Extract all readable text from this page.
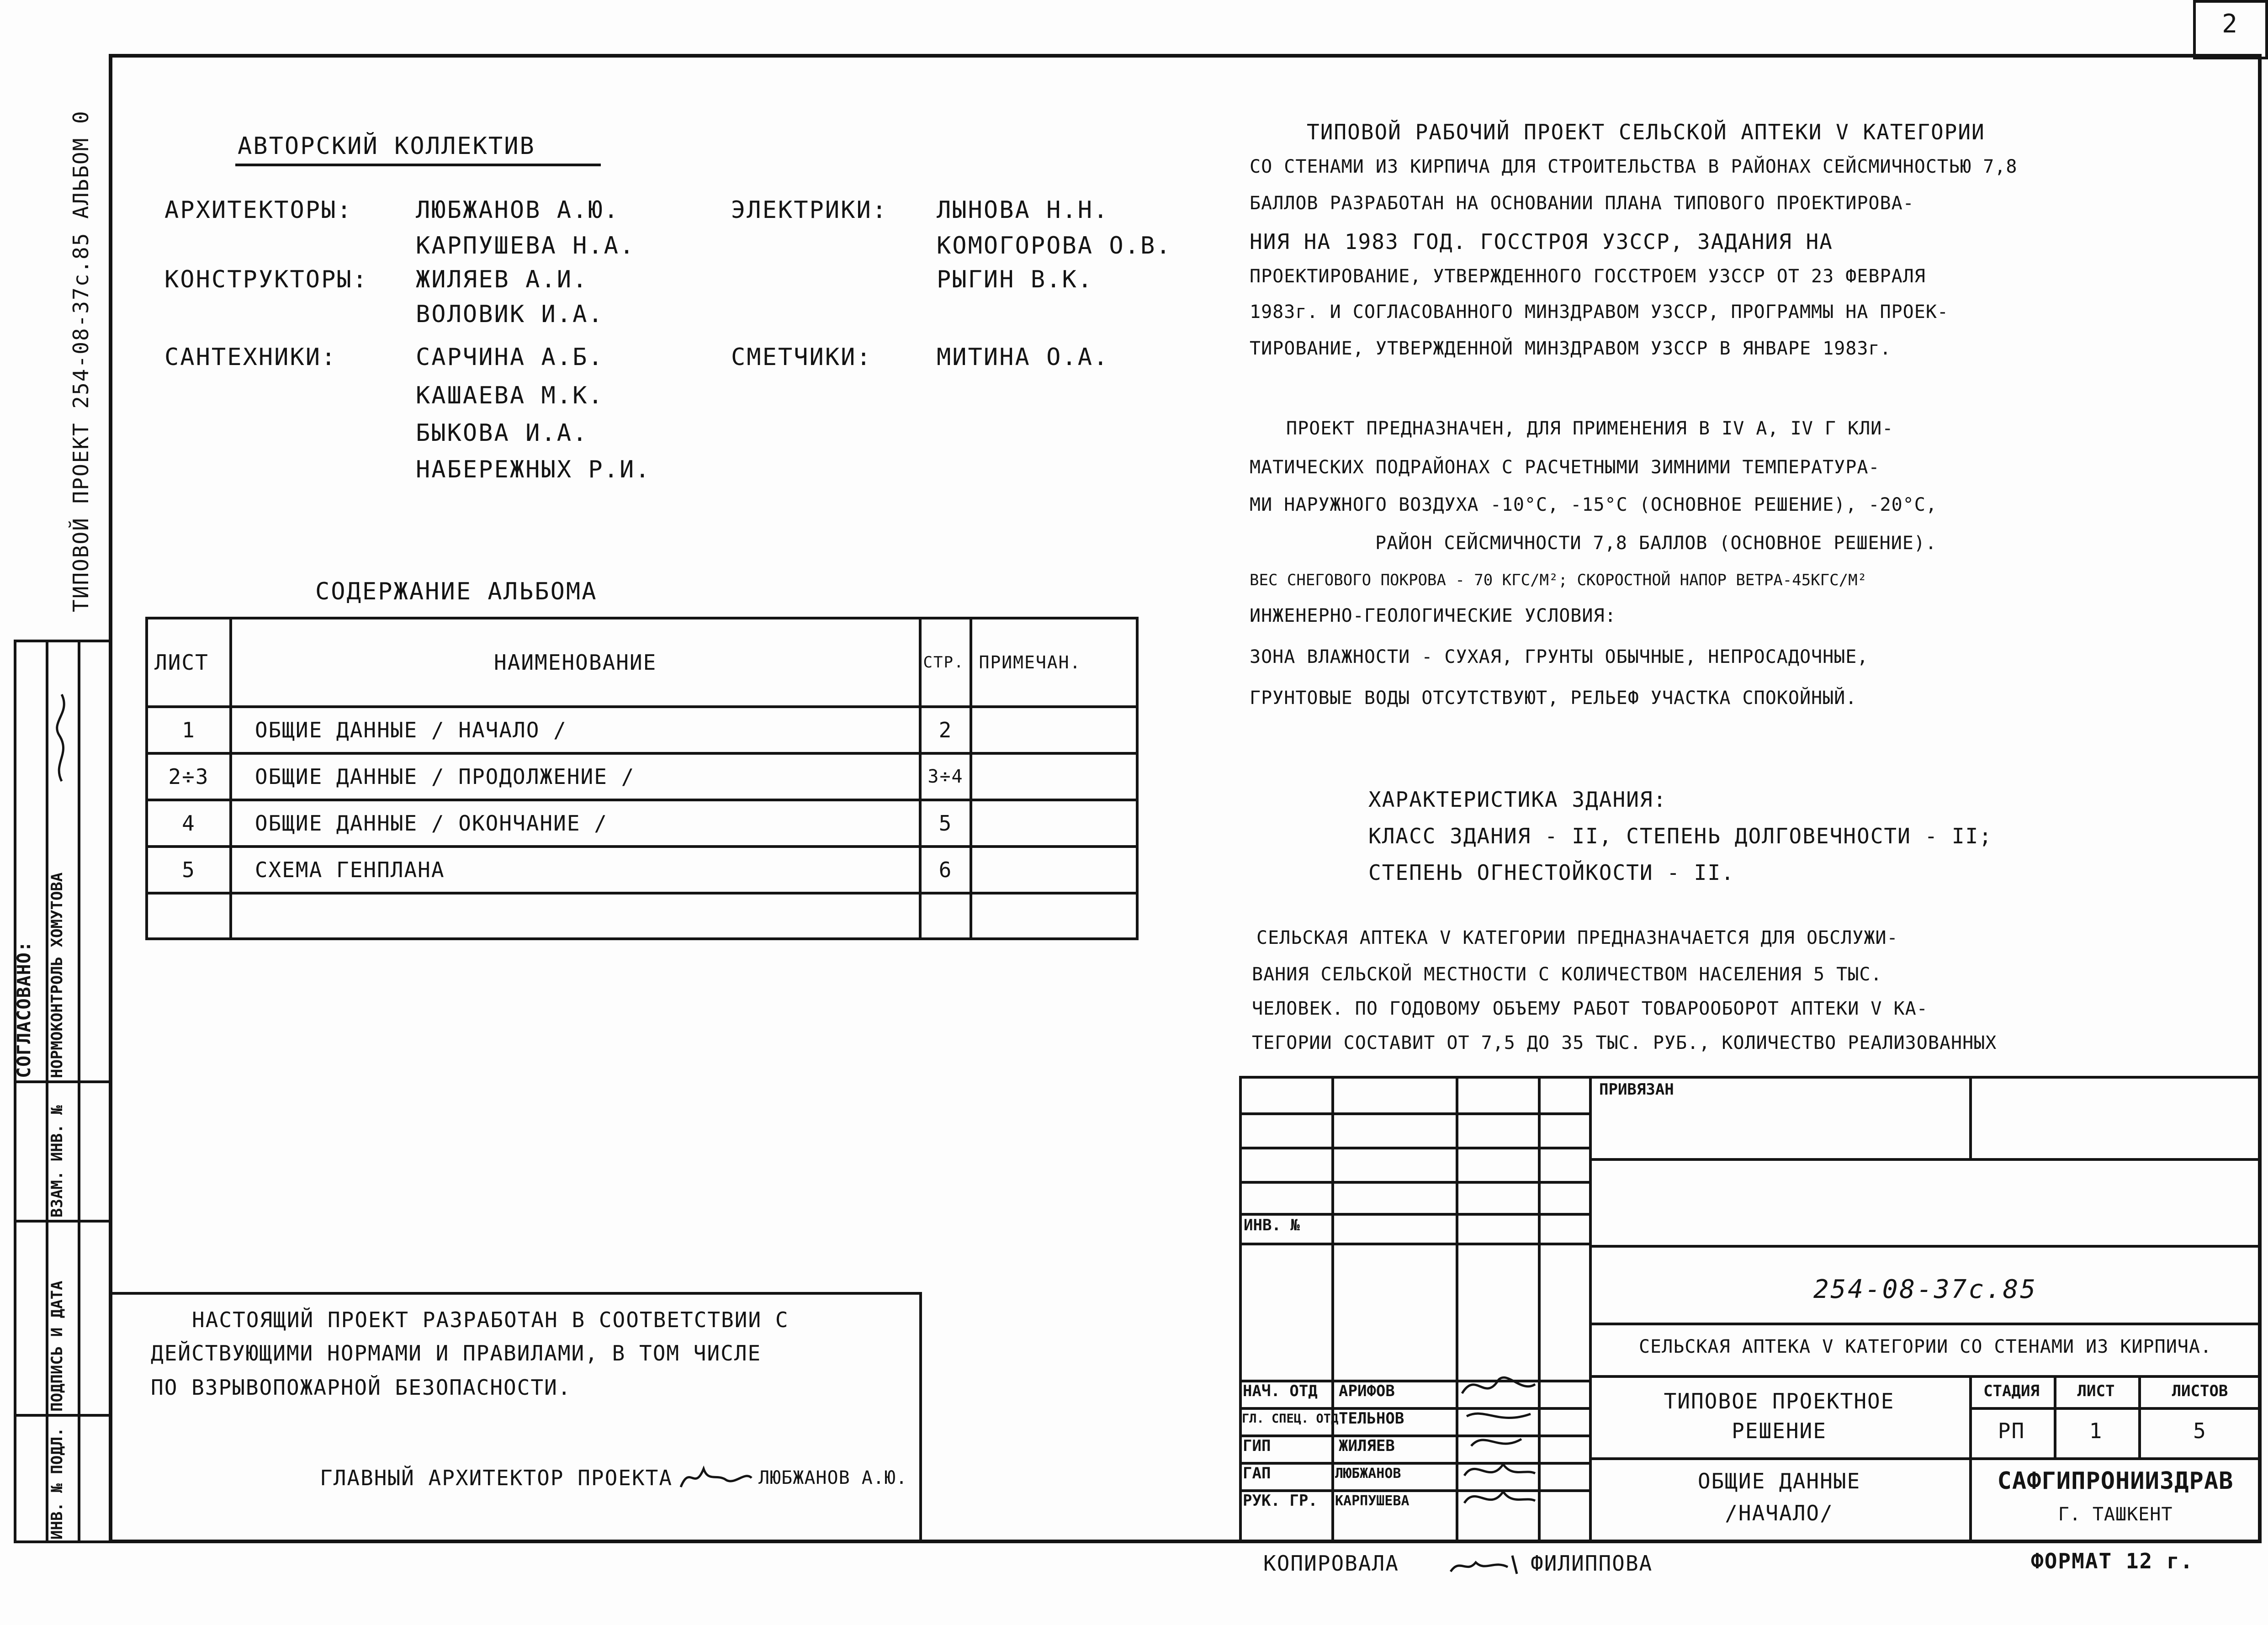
2
ТИПОВОЙ ПРОЕКТ 254-08-37с.85 АЛЬБОМ 0
СОГЛАСОВАНО: НОРМОКОНТРОЛЬ ХОМУТОВА
ВЗАМ. ИНВ. №
ПОДПИСЬ И ДАТА
ИНВ. № ПОДЛ.
АВТОРСКИЙ КОЛЛЕКТИВ
АРХИТЕКТОРЫ:	ЛЮБЖАНОВ А.Ю.
КАРПУШЕВА Н.А.
КОНСТРУКТОРЫ: ЖИЛЯЕВ А.И.
ВОЛОВИК И.А.
САНТЕХНИКИ:	САРЧИНА А.Б.
КАШАЕВА М.К.
БЫКОВА И.А.
НАБЕРЕЖНЫХ Р.И.
ЭЛЕКТРИКИ: ЛЫНОВА Н.Н.
КОМОГОРОВА О.В.
РЫГИН В.К.
СМЕТЧИКИ:	МИТИНА О.А.
СОДЕРЖАНИЕ АЛЬБОМА
ЛИСТ	НАИМЕНОВАНИЕ	СТР.	ПРИМЕЧАН.
1	ОБЩИЕ ДАННЫЕ / НАЧАЛО /	2	
2÷3	ОБЩИЕ ДАННЫЕ / ПРОДОЛЖЕНИЕ /	3÷4	
4	ОБЩИЕ ДАННЫЕ / ОКОНЧАНИЕ /	5	
5	СХЕМА ГЕНПЛАНА	6	

ТИПОВОЙ РАБОЧИЙ ПРОЕКТ СЕЛЬСКОЙ АПТЕКИ V КАТЕГОРИИ
СО СТЕНАМИ ИЗ КИРПИЧА ДЛЯ СТРОИТЕЛЬСТВА В РАЙОНАХ СЕЙСМИЧНОСТЬЮ 7,8
БАЛЛОВ РАЗРАБОТАН НА ОСНОВАНИИ ПЛАНА ТИПОВОГО ПРОЕКТИРОВА-
НИЯ НА 1983 ГОД. ГОССТРОЯ УЗССР, ЗАДАНИЯ НА
ПРОЕКТИРОВАНИЕ, УТВЕРЖДЕННОГО ГОССТРОЕМ УЗССР ОТ 23 ФЕВРАЛЯ
1983г. И СОГЛАСОВАННОГО МИНЗДРАВОМ УЗССР, ПРОГРАММЫ НА ПРОЕК-
ТИРОВАНИЕ, УТВЕРЖДЕННОЙ МИНЗДРАВОМ УЗССР В ЯНВАРЕ 1983г.
ПРОЕКТ ПРЕДНАЗНАЧЕН, ДЛЯ ПРИМЕНЕНИЯ В IV А, IV Г КЛИ-
МАТИЧЕСКИХ ПОДРАЙОНАХ С РАСЧЕТНЫМИ ЗИМНИМИ ТЕМПЕРАТУРА-
МИ НАРУЖНОГО ВОЗДУХА -10°С, -15°С (ОСНОВНОЕ РЕШЕНИЕ), -20°С,
РАЙОН СЕЙСМИЧНОСТИ 7,8 БАЛЛОВ (ОСНОВНОЕ РЕШЕНИЕ).
ВЕС СНЕГОВОГО ПОКРОВА - 70 КГС/М²; СКОРОСТНОЙ НАПОР ВЕТРА-45КГС/М²
ИНЖЕНЕРНО-ГЕОЛОГИЧЕСКИЕ УСЛОВИЯ:
ЗОНА ВЛАЖНОСТИ - СУХАЯ, ГРУНТЫ ОБЫЧНЫЕ, НЕПРОСАДОЧНЫЕ,
ГРУНТОВЫЕ ВОДЫ ОТСУТСТВУЮТ, РЕЛЬЕФ УЧАСТКА СПОКОЙНЫЙ.
ХАРАКТЕРИСТИКА ЗДАНИЯ:
КЛАСС ЗДАНИЯ - II, СТЕПЕНЬ ДОЛГОВЕЧНОСТИ - II;
СТЕПЕНЬ ОГНЕСТОЙКОСТИ - II.
СЕЛЬСКАЯ АПТЕКА V КАТЕГОРИИ ПРЕДНАЗНАЧАЕТСЯ ДЛЯ ОБСЛУЖИ-
ВАНИЯ СЕЛЬСКОЙ МЕСТНОСТИ С КОЛИЧЕСТВОМ НАСЕЛЕНИЯ 5 ТЫС.
ЧЕЛОВЕК. ПО ГОДОВОМУ ОБЪЕМУ РАБОТ ТОВАРООБОРОТ АПТЕКИ V КА-
ТЕГОРИИ СОСТАВИТ ОТ 7,5 ДО 35 ТЫС. РУБ., КОЛИЧЕСТВО РЕАЛИЗОВАННЫХ
НАСТОЯЩИЙ ПРОЕКТ РАЗРАБОТАН В СООТВЕТСТВИИ С
ДЕЙСТВУЮЩИМИ НОРМАМИ И ПРАВИЛАМИ, В ТОМ ЧИСЛЕ
ПО ВЗРЫВОПОЖАРНОЙ БЕЗОПАСНОСТИ.
ГЛАВНЫЙ АРХИТЕКТОР ПРОЕКТА	ЛЮБЖАНОВ А.Ю.
ИНВ. №
НАЧ. ОТД АРИФОВ
ГЛ. СПЕЦ. ОТД ТЕЛЬНОВ
ГИП	ЖИЛЯЕВ
ГАП	ЛЮБЖАНОВ
РУК. ГР. КАРПУШЕВА
ПРИВЯЗАН
254-08-37с.85
СЕЛЬСКАЯ АПТЕКА V КАТЕГОРИИ СО СТЕНАМИ ИЗ КИРПИЧА.
ТИПОВОЕ ПРОЕКТНОЕ
РЕШЕНИЕ
ОБЩИЕ ДАННЫЕ
/НАЧАЛО/
СТАДИЯ	ЛИСТ	ЛИСТОВ
РП	1	5
САФГИПРОНИИЗДРАВ
Г. ТАШКЕНТ
КОПИРОВАЛА	ФИЛИППОВА	ФОРМАТ 12 г.
